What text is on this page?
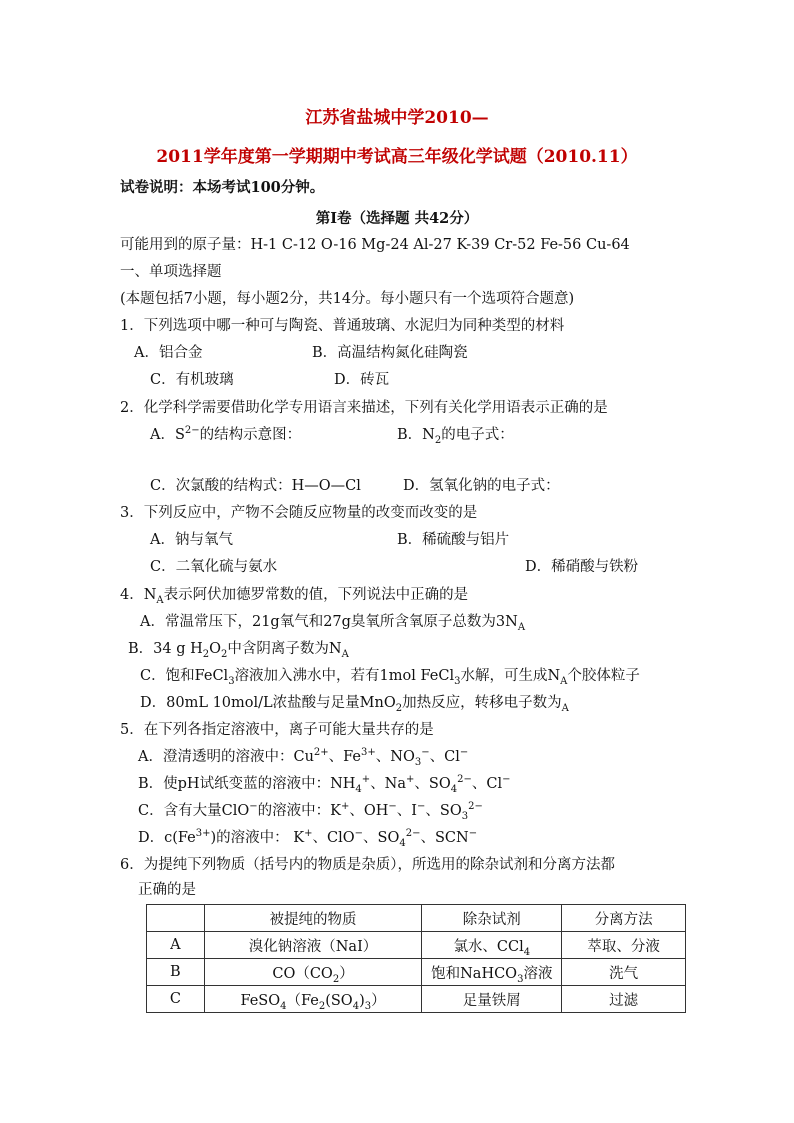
江苏省盐城中学2010—
2011学年度第一学期期中考试高三年级化学试题（2010.11）
试卷说明：本场考试100分钟。
第Ⅰ卷（选择题 共42分）
可能用到的原子量：H-1 C-12 O-16 Mg-24 Al-27 K-39 Cr-52 Fe-56 Cu-64
一、单项选择题
(本题包括7小题，每小题2分，共14分。每小题只有一个选项符合题意)
1．下列选项中哪一种可与陶瓷、普通玻璃、水泥归为同种类型的材料
A．铝合金	B．高温结构氮化硅陶瓷
C．有机玻璃	D．砖瓦
2．化学科学需要借助化学专用语言来描述，下列有关化学用语表示正确的是
A．$S^{2-}$的结构示意图：	B．$N_2$的电子式：
C．次氯酸的结构式：H—O—Cl	D．氢氧化钠的电子式：
3．下列反应中，产物不会随反应物量的改变而改变的是
A．钠与氧气	B．稀硫酸与铝片
C．二氧化硫与氨水	D．稀硝酸与铁粉
4．$N_A$表示阿伏加德罗常数的值，下列说法中正确的是
A．常温常压下，21g氧气和27g臭氧所含氧原子总数为$3N_A$
B．34 g $H_2O_2$中含阴离子数为$N_A$
C．饱和FeCl$_3$溶液加入沸水中，若有1mol FeCl$_3$水解，可生成$N_A$个胶体粒子
D．80mL 10mol/L浓盐酸与足量MnO$_2$加热反应，转移电子数为$_A$
5．在下列各指定溶液中，离子可能大量共存的是
A．澄清透明的溶液中：$Cu^{2+}$、$Fe^{3+}$、$NO_3^-$、Cl−
B．使pH试纸变蓝的溶液中：$NH_4^+$、Na+、$SO_4^{2-}$、Cl−
C．含有大量ClO−的溶液中：K+、OH−、I−、$SO_3^{2-}$
D．$c(Fe^{3+})$的溶液中： K+、ClO−、$SO_4^{2-}$、SCN−
6．为提纯下列物质（括号内的物质是杂质），所选用的除杂试剂和分离方法都
正确的是
	被提纯的物质	除杂试剂	分离方法
A	溴化钠溶液（NaI）	氯水、CCl$_4$	萃取、分液
B	$CO(CO_2)$	饱和NaHCO$_3$溶液	洗气
C	$FeSO_4(Fe_2(SO_4)_3)$	足量铁屑	过滤
